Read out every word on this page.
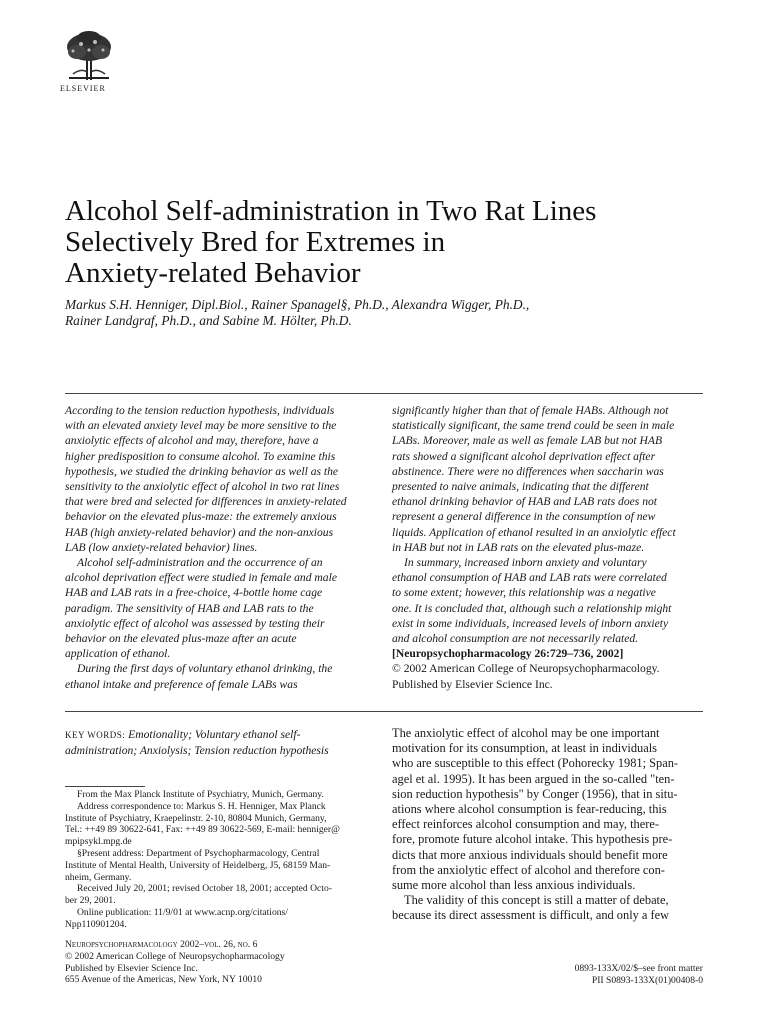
ELSEVIER
Alcohol Self-administration in Two Rat Lines
Selectively Bred for Extremes in
Anxiety-related Behavior
Markus S.H. Henniger, Dipl.Biol., Rainer Spanagel§, Ph.D., Alexandra Wigger, Ph.D.,
Rainer Landgraf, Ph.D., and Sabine M. Hölter, Ph.D.
According to the tension reduction hypothesis, individuals
with an elevated anxiety level may be more sensitive to the
anxiolytic effects of alcohol and may, therefore, have a
higher predisposition to consume alcohol. To examine this
hypothesis, we studied the drinking behavior as well as the
sensitivity to the anxiolytic effect of alcohol in two rat lines
that were bred and selected for differences in anxiety-related
behavior on the elevated plus-maze: the extremely anxious
HAB (high anxiety-related behavior) and the non-anxious
LAB (low anxiety-related behavior) lines.
Alcohol self-administration and the occurrence of an
alcohol deprivation effect were studied in female and male
HAB and LAB rats in a free-choice, 4-bottle home cage
paradigm. The sensitivity of HAB and LAB rats to the
anxiolytic effect of alcohol was assessed by testing their
behavior on the elevated plus-maze after an acute
application of ethanol.
During the first days of voluntary ethanol drinking, the
ethanol intake and preference of female LABs was
significantly higher than that of female HABs. Although not
statistically significant, the same trend could be seen in male
LABs. Moreover, male as well as female LAB but not HAB
rats showed a significant alcohol deprivation effect after
abstinence. There were no differences when saccharin was
presented to naive animals, indicating that the different
ethanol drinking behavior of HAB and LAB rats does not
represent a general difference in the consumption of new
liquids. Application of ethanol resulted in an anxiolytic effect
in HAB but not in LAB rats on the elevated plus-maze.
In summary, increased inborn anxiety and voluntary
ethanol consumption of HAB and LAB rats were correlated
to some extent; however, this relationship was a negative
one. It is concluded that, although such a relationship might
exist in some individuals, increased levels of inborn anxiety
and alcohol consumption are not necessarily related.
[Neuropsychopharmacology 26:729–736, 2002]
© 2002 American College of Neuropsychopharmacology.
Published by Elsevier Science Inc.
KEY WORDS: Emotionality; Voluntary ethanol self-
administration; Anxiolysis; Tension reduction hypothesis
From the Max Planck Institute of Psychiatry, Munich, Germany.
Address correspondence to: Markus S. H. Henniger, Max Planck
Institute of Psychiatry, Kraepelinstr. 2-10, 80804 Munich, Germany,
Tel.: ++49 89 30622-641, Fax: ++49 89 30622-569, E-mail: henniger@
mpipsykl.mpg.de
§Present address: Department of Psychopharmacology, Central
Institute of Mental Health, University of Heidelberg, J5, 68159 Man-
nheim, Germany.
Received July 20, 2001; revised October 18, 2001; accepted Octo-
ber 29, 2001.
Online publication: 11/9/01 at www.acnp.org/citations/
Npp110901204.
The anxiolytic effect of alcohol may be one important
motivation for its consumption, at least in individuals
who are susceptible to this effect (Pohorecky 1981; Span-
agel et al. 1995). It has been argued in the so-called "ten-
sion reduction hypothesis" by Conger (1956), that in situ-
ations where alcohol consumption is fear-reducing, this
effect reinforces alcohol consumption and may, there-
fore, promote future alcohol intake. This hypothesis pre-
dicts that more anxious individuals should benefit more
from the anxiolytic effect of alcohol and therefore con-
sume more alcohol than less anxious individuals.
The validity of this concept is still a matter of debate,
because its direct assessment is difficult, and only a few
Neuropsychopharmacology 2002–vol. 26, no. 6
© 2002 American College of Neuropsychopharmacology
Published by Elsevier Science Inc.
655 Avenue of the Americas, New York, NY 10010
0893-133X/02/$–see front matter
PII S0893-133X(01)00408-0
